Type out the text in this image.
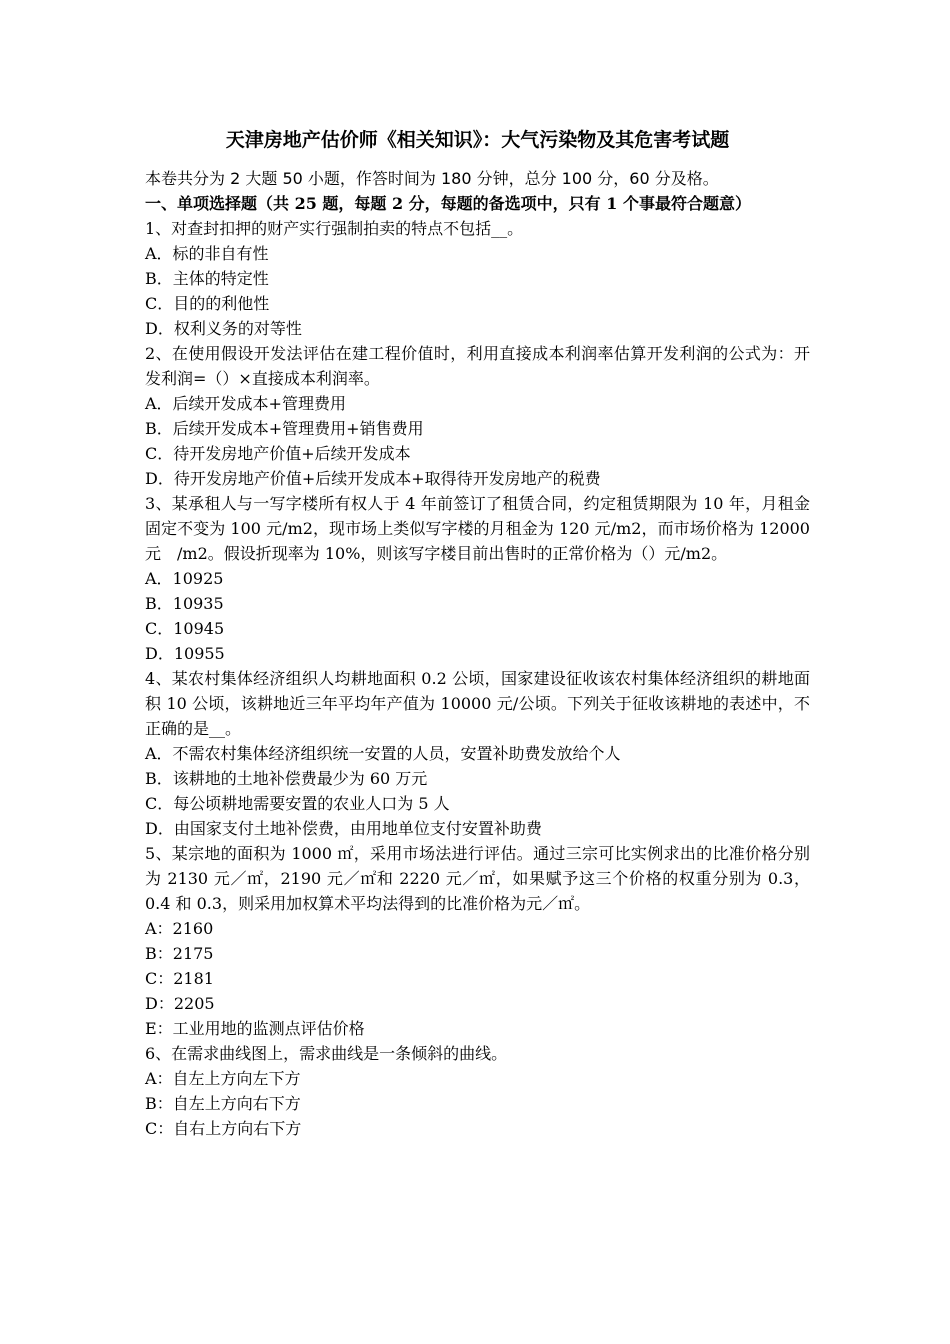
天津房地产估价师《相关知识》：大气污染物及其危害考试题

本卷共分为 2 大题 50 小题，作答时间为 180 分钟，总分 100 分，60 分及格。

一、单项选择题（共 25 题，每题 2 分，每题的备选项中，只有 1 个事最符合题意）

1、对查封扣押的财产实行强制拍卖的特点不包括__。

A．标的非自有性
B．主体的特定性
C．目的的利他性
D．权利义务的对等性

2、在使用假设开发法评估在建工程价值时，利用直接成本利润率估算开发利润的公式为：开发利润=（）×直接成本利润率。

A．后续开发成本+管理费用
B．后续开发成本+管理费用+销售费用
C．待开发房地产价值+后续开发成本
D．待开发房地产价值+后续开发成本+取得待开发房地产的税费

3、某承租人与一写字楼所有权人于 4 年前签订了租赁合同，约定租赁期限为 10 年，月租金固定不变为 100 元/m2，现市场上类似写字楼的月租金为 120 元/m2，而市场价格为 12000 元　/m2。假设折现率为 10%，则该写字楼目前出售时的正常价格为（）元/m2。

A．10925
B．10935
C．10945
D．10955

4、某农村集体经济组织人均耕地面积 0.2 公顷，国家建设征收该农村集体经济组织的耕地面积 10 公顷，该耕地近三年平均年产值为 10000 元/公顷。下列关于征收该耕地的表述中，不正确的是__。

A．不需农村集体经济组织统一安置的人员，安置补助费发放给个人
B．该耕地的土地补偿费最少为 60 万元
C．每公顷耕地需要安置的农业人口为 5 人
D．由国家支付土地补偿费，由用地单位支付安置补助费

5、某宗地的面积为 1000 ㎡，采用市场法进行评估。通过三宗可比实例求出的比准价格分别为 2130 元／㎡，2190 元／㎡和 2220 元／㎡，如果赋予这三个价格的权重分别为 0.3，0.4 和 0.3，则采用加权算术平均法得到的比准价格为元／㎡。

A：2160
B：2175
C：2181
D：2205
E：工业用地的监测点评估价格

6、在需求曲线图上，需求曲线是一条倾斜的曲线。

A：自左上方向左下方
B：自左上方向右下方
C：自右上方向右下方
